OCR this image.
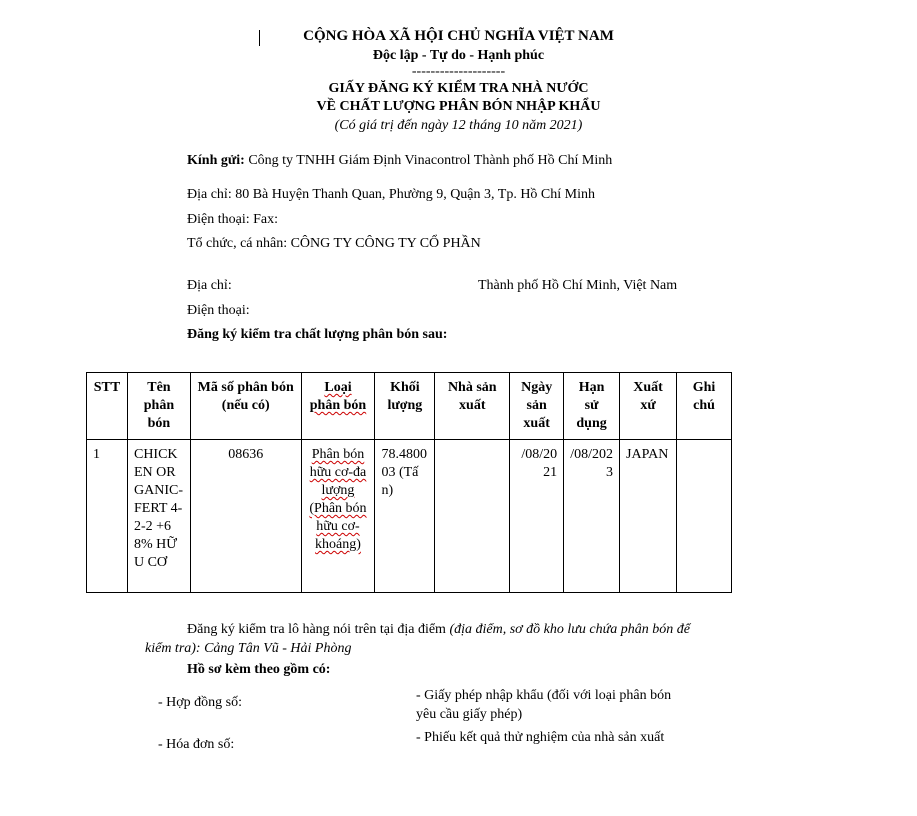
CỘNG HÒA XÃ HỘI CHỦ NGHĨA VIỆT NAM
Độc lập - Tự do - Hạnh phúc
--------------------
GIẤY ĐĂNG KÝ KIỂM TRA NHÀ NƯỚC
VỀ CHẤT LƯỢNG PHÂN BÓN NHẬP KHẨU
(Có giá trị đến ngày 12 tháng 10 năm 2021)
Kính gửi: Công ty TNHH Giám Định Vinacontrol Thành phố Hồ Chí Minh
Địa chỉ: 80 Bà Huyện Thanh Quan, Phường 9, Quận 3, Tp. Hồ Chí Minh
Điện thoại: Fax:
Tổ chức, cá nhân: CÔNG TY CÔNG TY CỔ PHẦN
Địa chỉ:	Thành phố Hồ Chí Minh, Việt Nam
Điện thoại:
Đăng ký kiểm tra chất lượng phân bón sau:
STT	Tên phân bón	Mã số phân bón (nếu có)	Loại phân bón	Khối lượng	Nhà sản xuất	Ngày sản xuất	Hạn sử dụng	Xuất xứ	Ghi chú
1	CHICKEN ORGANIC-FERT 4-2-2 +68% HỮU CƠ	08636	Phân bón hữu cơ-đa lượng (Phân bón hữu cơ-khoáng)	78.480003 (Tấn)		/08/2021	/08/2023	JAPAN	
Đăng ký kiểm tra lô hàng nói trên tại địa điểm (địa điểm, sơ đồ kho lưu chứa phân bón để kiểm tra): Cảng Tân Vũ - Hải Phòng
Hồ sơ kèm theo gồm có:
- Hợp đồng số:
- Hóa đơn số:
- Giấy phép nhập khẩu (đối với loại phân bón yêu cầu giấy phép)
- Phiếu kết quả thử nghiệm của nhà sản xuất
